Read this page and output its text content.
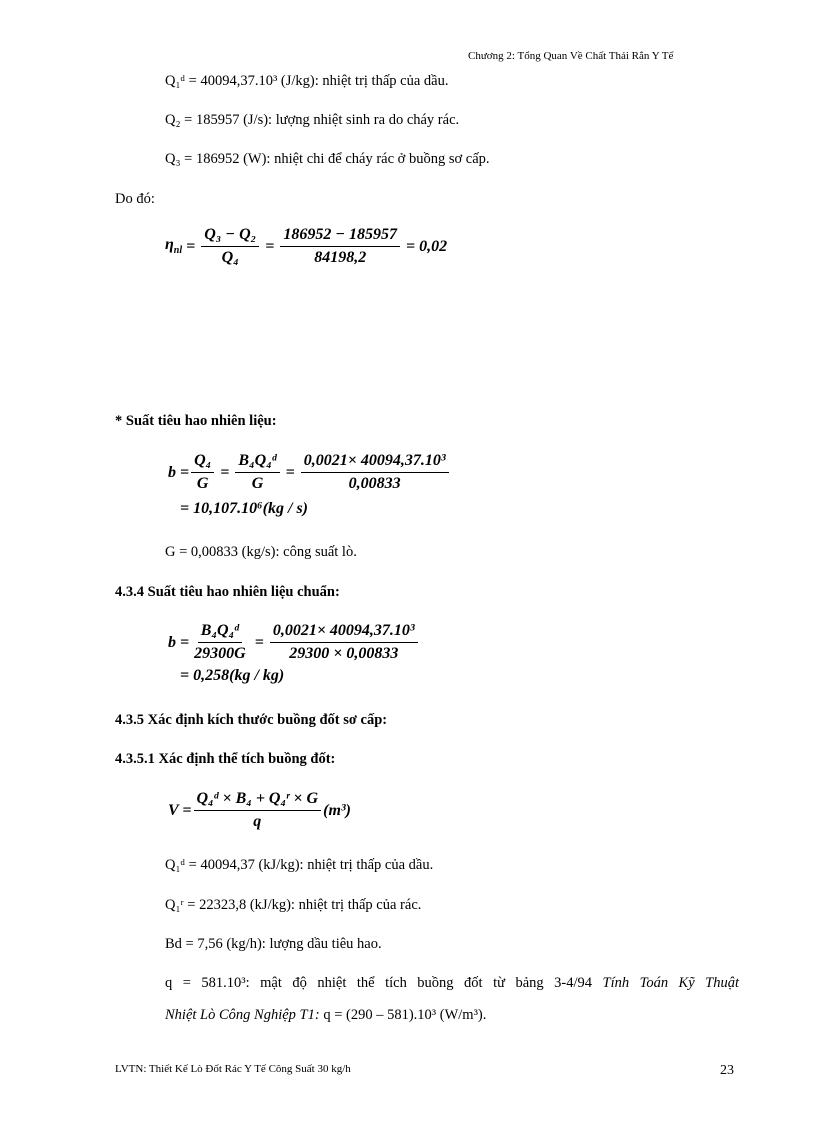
Chương 2: Tổng Quan Về Chất Thải Rắn Y Tế
Q₁ᵈ = 40094,37.10³ (J/kg): nhiệt trị thấp của dầu.
Q₂ = 185957 (J/s): lượng nhiệt sinh ra do cháy rác.
Q₃ = 186952 (W): nhiệt chi để cháy rác ở buồng sơ cấp.
Do đó:
$\eta_{nl} = \frac{\text{Q₃ − Q₂}}{\text{Q₄}} = \frac{186952 - 185957}{84198,2} = 0,02$
* Suất tiêu hao nhiên liệu:
$b = \frac{\text{Q₄}}{G} = \frac{\text{B₄Q₄ᵈ}}{G} = \frac{\text{0,0021× 40094,37.10³}}{0,00833}$
= 10,107.10⁶(kg / s)
G = 0,00833 (kg/s): công suất lò.
4.3.4 Suất tiêu hao nhiên liệu chuẩn:
$b = \frac{\text{B₄Q₄ᵈ}}{29300G} = \frac{\text{0,0021× 40094,37.10³}}{29300 \times 0,00833}$
= 0,258(kg / kg)
4.3.5 Xác định kích thước buồng đốt sơ cấp:
4.3.5.1 Xác định thể tích buồng đốt:
$V = \frac{\text{Q₄ᵈ × B₄ + Q₄ʳ × G}}{q} (m^3)$
Q₁ᵈ = 40094,37 (kJ/kg): nhiệt trị thấp của dầu.
Q₁ʳ = 22323,8 (kJ/kg): nhiệt trị thấp của rác.
Bd = 7,56 (kg/h): lượng dầu tiêu hao.
q = 581.10³: mật độ nhiệt thể tích buồng đốt từ bảng 3-4/94 Tính Toán Kỹ Thuật
Nhiệt Lò Công Nghiệp T1: q = (290 – 581).10³ (W/m³).
LVTN: Thiết Kế Lò Đốt Rác Y Tế Công Suất 30 kg/h	23
